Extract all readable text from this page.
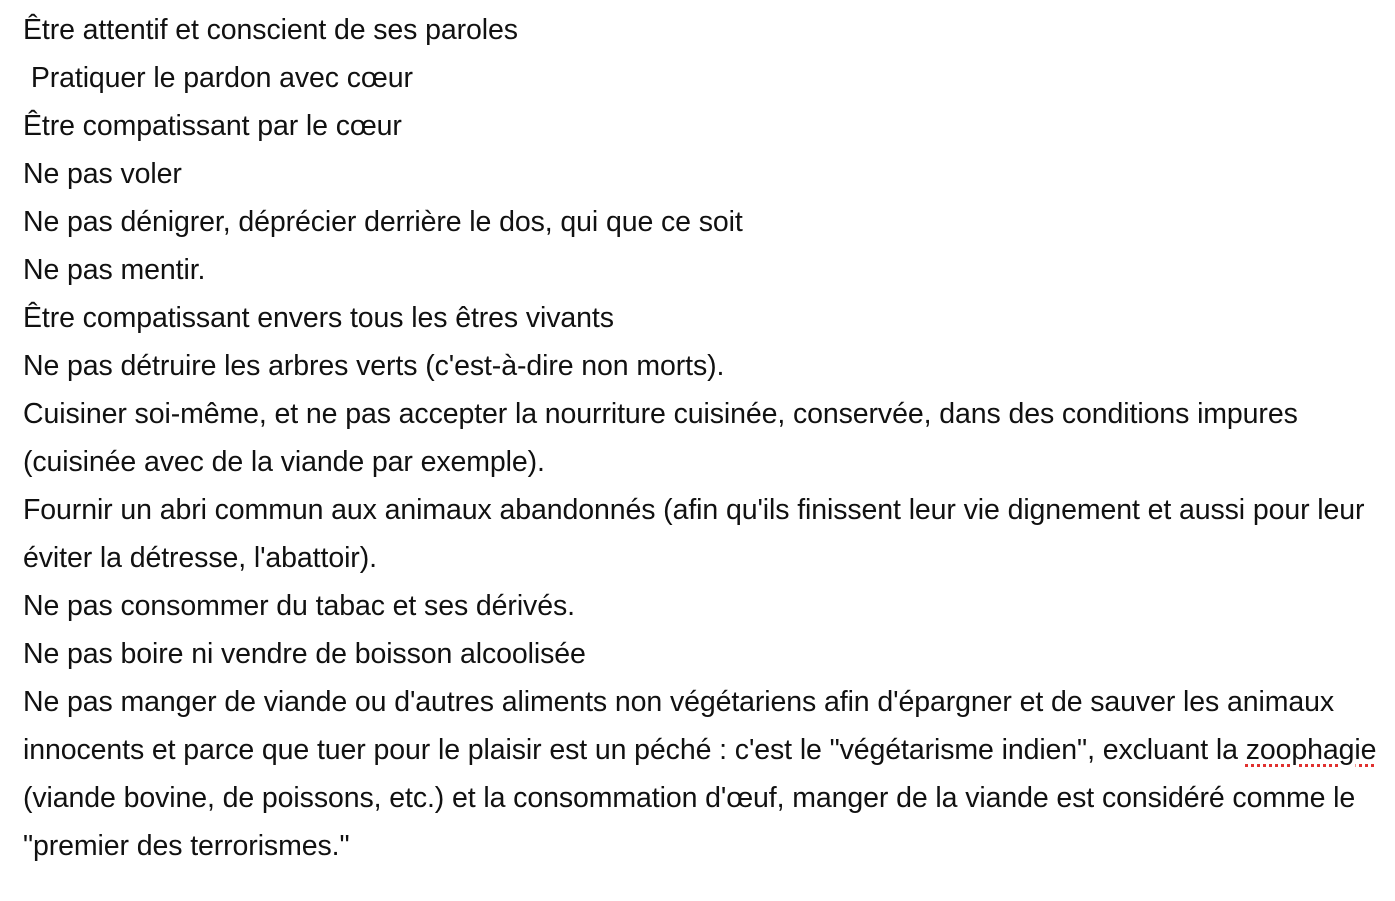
Être attentif et conscient de ses paroles

Pratiquer le pardon avec cœur

Être compatissant par le cœur

Ne pas voler

Ne pas dénigrer, déprécier derrière le dos, qui que ce soit

Ne pas mentir.

Être compatissant envers tous les êtres vivants

Ne pas détruire les arbres verts (c'est-à-dire non morts).

Cuisiner soi-même, et ne pas accepter la nourriture cuisinée, conservée, dans des conditions impures (cuisinée avec de la viande par exemple).

Fournir un abri commun aux animaux abandonnés (afin qu'ils finissent leur vie dignement et aussi pour leur éviter la détresse, l'abattoir).

Ne pas consommer du tabac et ses dérivés.

Ne pas boire ni vendre de boisson alcoolisée

Ne pas manger de viande ou d'autres aliments non végétariens afin d'épargner et de sauver les animaux innocents et parce que tuer pour le plaisir est un péché : c'est le "végétarisme indien", excluant la zoophagie (viande bovine, de poissons, etc.) et la consommation d'œuf, manger de la viande est considéré comme le "premier des terrorismes."
